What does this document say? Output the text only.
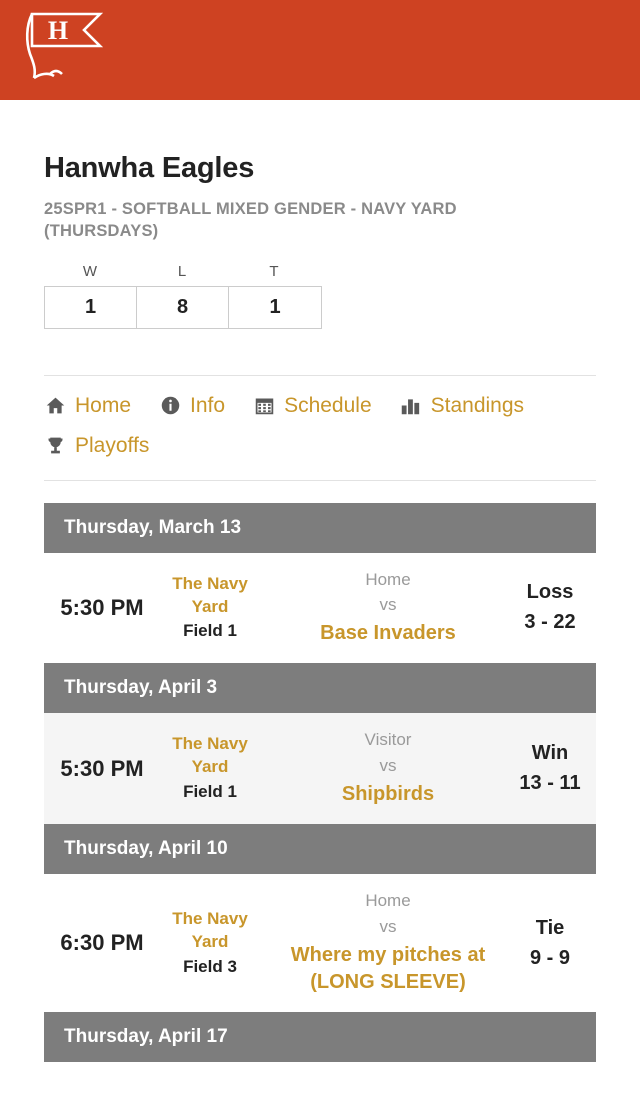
H
Hanwha Eagles
25SPR1 - SOFTBALL MIXED GENDER - NAVY YARD (THURSDAYS)
W	L	T
1	8	1
Home	Info	Schedule	Standings
Playoffs
Thursday, March 13
5:30 PM
The Navy Yard
Field 1
Home
vs
Base Invaders
Loss
3 - 22
Thursday, April 3
5:30 PM
The Navy Yard
Field 1
Visitor
vs
Shipbirds
Win
13 - 11
Thursday, April 10
6:30 PM
The Navy Yard
Field 3
Home
vs
Where my pitches at (LONG SLEEVE)
Tie
9 - 9
Thursday, April 17
